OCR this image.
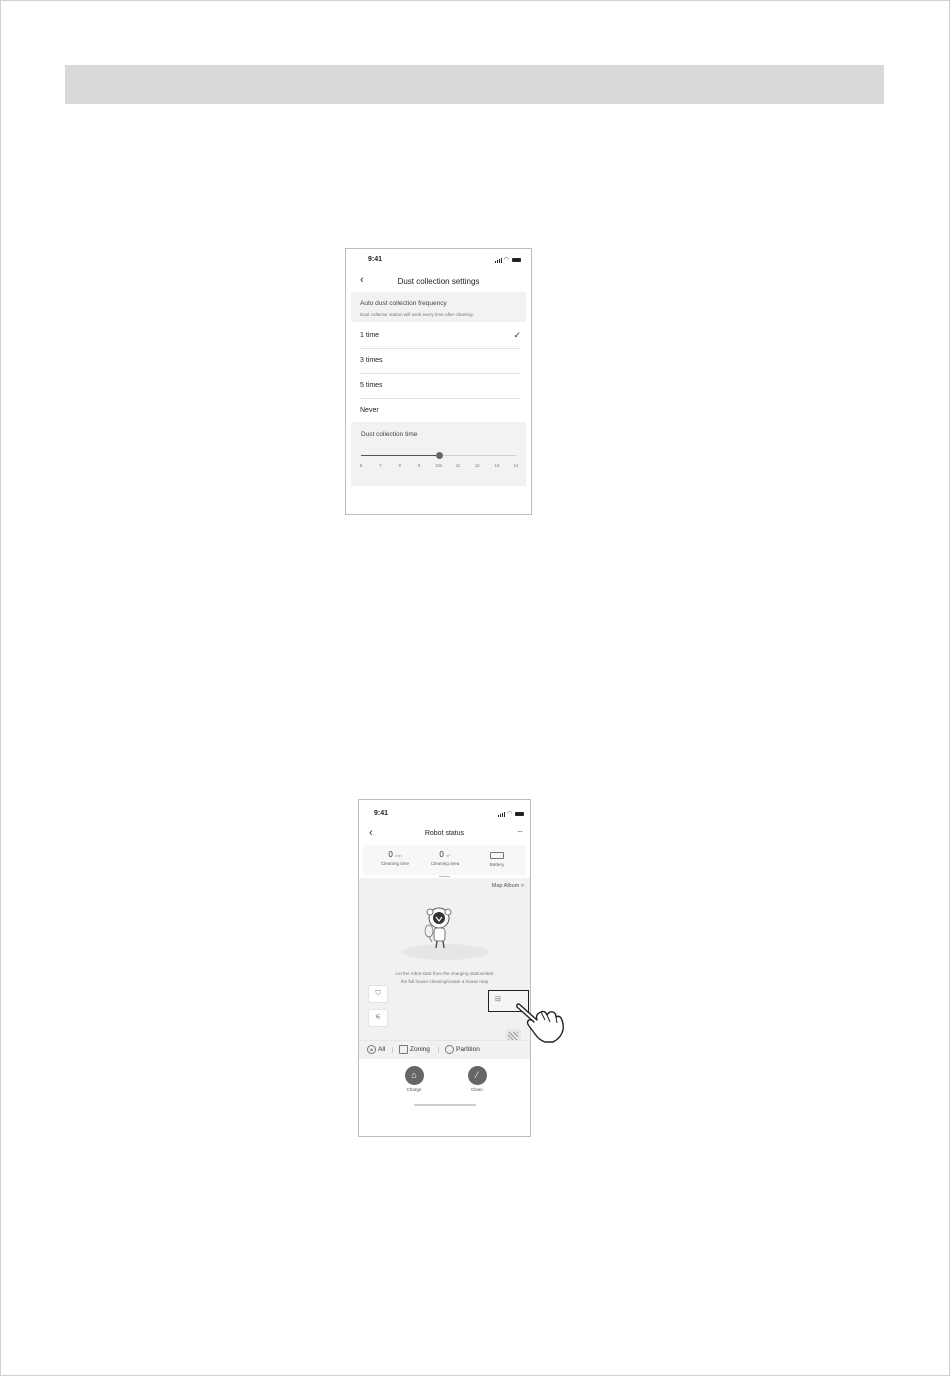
9:41	◠
‹	Dust collection settings
Auto dust collection frequency
Dust collector station will work every time after cleaning.
1 time	✓
3 times
5 times
Never
Dust collection time
6	7	8	9	10s	11	12	13	14
9:41	◠
‹	Robot status	···
0 min
Cleaning time
0 m²
Cleaning area	Battery
Map Album >
Let the robot start from the charging station/start
the full house cleaning/create a house map
⛉
⚟
⊟
Ai All	Zoning	Partition
⌂
Charge
⁄
Clean
